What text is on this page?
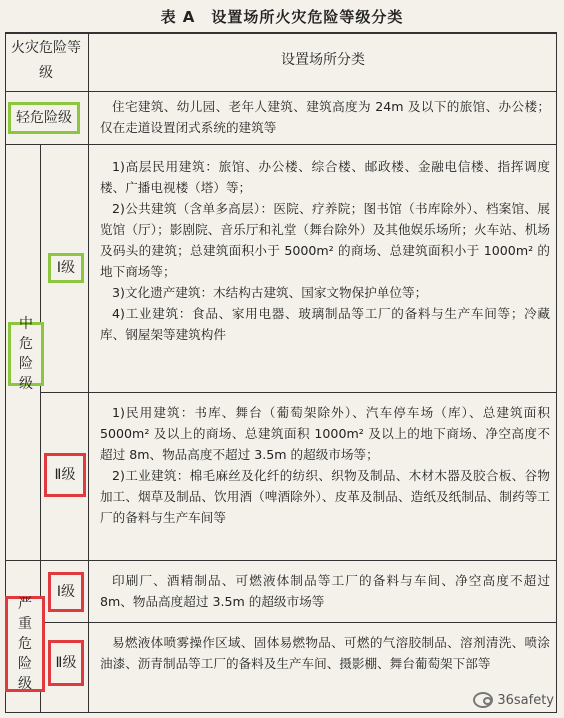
表 A　设置场所火灾危险等级分类
火灾危险等级
设置场所分类
轻危险级
住宅建筑、幼儿园、老年人建筑、建筑高度为 24m 及以下的旅馆、办公楼；仅在走道设置闭式系统的建筑等
中危险级
Ⅰ级
1)高层民用建筑：旅馆、办公楼、综合楼、邮政楼、金融电信楼、指挥调度楼、广播电视楼（塔）等；
2)公共建筑（含单多高层）：医院、疗养院；图书馆（书库除外）、档案馆、展览馆（厅）；影剧院、音乐厅和礼堂（舞台除外）及其他娱乐场所；火车站、机场及码头的建筑；总建筑面积小于 5000m² 的商场、总建筑面积小于 1000m² 的地下商场等；
3)文化遗产建筑：木结构古建筑、国家文物保护单位等；
4)工业建筑：食品、家用电器、玻璃制品等工厂的备料与生产车间等；冷藏库、钢屋架等建筑构件
Ⅱ级
1)民用建筑：书库、舞台（葡萄架除外）、汽车停车场（库）、总建筑面积 5000m² 及以上的商场、总建筑面积 1000m² 及以上的地下商场、净空高度不超过 8m、物品高度不超过 3.5m 的超级市场等；
2)工业建筑：棉毛麻丝及化纤的纺织、织物及制品、木材木器及胶合板、谷物加工、烟草及制品、饮用酒（啤酒除外）、皮革及制品、造纸及纸制品、制药等工厂的备料与生产车间等
严重危险级
Ⅰ级
印刷厂、酒精制品、可燃液体制品等工厂的备料与车间、净空高度不超过 8m、物品高度超过 3.5m 的超级市场等
Ⅱ级
易燃液体喷雾操作区域、固体易燃物品、可燃的气溶胶制品、溶剂清洗、喷涂油漆、沥青制品等工厂的备料及生产车间、摄影棚、舞台葡萄架下部等
36safety
